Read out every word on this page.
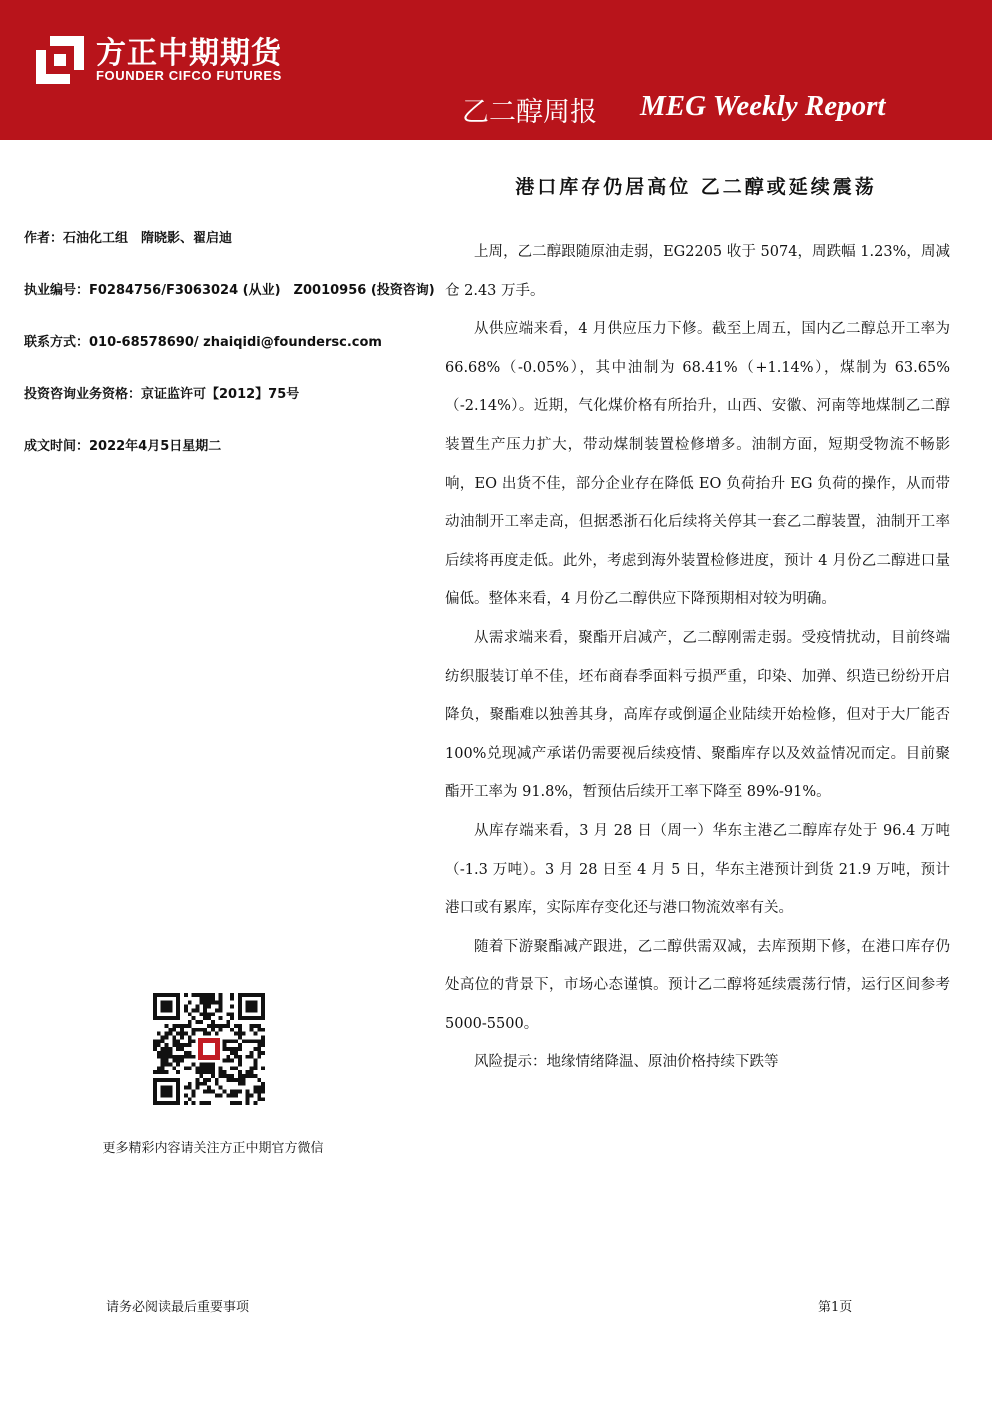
方正中期期货
FOUNDER CIFCO FUTURES
乙二醇周报 MEG Weekly Report
港口库存仍居高位 乙二醇或延续震荡
作者：石油化工组　隋晓影、翟启迪
执业编号：F0284756/F3063024 (从业)　Z0010956 (投资咨询)
联系方式：010-68578690/ zhaiqidi@foundersc.com
投资咨询业务资格：京证监许可【2012】75号
成文时间：2022年4月5日星期二

上周，乙二醇跟随原油走弱，EG2205 收于 5074，周跌幅 1.23%，周减仓 2.43 万手。

从供应端来看，4 月供应压力下修。截至上周五，国内乙二醇总开工率为 66.68%（-0.05%），其中油制为 68.41%（+1.14%），煤制为 63.65%（-2.14%）。近期，气化煤价格有所抬升，山西、安徽、河南等地煤制乙二醇装置生产压力扩大，带动煤制装置检修增多。油制方面，短期受物流不畅影响，EO 出货不佳，部分企业存在降低 EO 负荷抬升 EG 负荷的操作，从而带动油制开工率走高，但据悉浙石化后续将关停其一套乙二醇装置，油制开工率后续将再度走低。此外，考虑到海外装置检修进度，预计 4 月份乙二醇进口量偏低。整体来看，4 月份乙二醇供应下降预期相对较为明确。

从需求端来看，聚酯开启减产，乙二醇刚需走弱。受疫情扰动，目前终端纺织服装订单不佳，坯布商春季面料亏损严重，印染、加弹、织造已纷纷开启降负，聚酯难以独善其身，高库存或倒逼企业陆续开始检修，但对于大厂能否 100%兑现减产承诺仍需要视后续疫情、聚酯库存以及效益情况而定。目前聚酯开工率为 91.8%，暂预估后续开工率下降至 89%-91%。

从库存端来看，3 月 28 日（周一）华东主港乙二醇库存处于 96.4 万吨（-1.3 万吨）。3 月 28 日至 4 月 5 日，华东主港预计到货 21.9 万吨，预计港口或有累库，实际库存变化还与港口物流效率有关。

随着下游聚酯减产跟进，乙二醇供需双减，去库预期下修，在港口库存仍处高位的背景下，市场心态谨慎。预计乙二醇将延续震荡行情，运行区间参考 5000-5500。

风险提示：地缘情绪降温、原油价格持续下跌等

更多精彩内容请关注方正中期官方微信
请务必阅读最后重要事项	第1页
